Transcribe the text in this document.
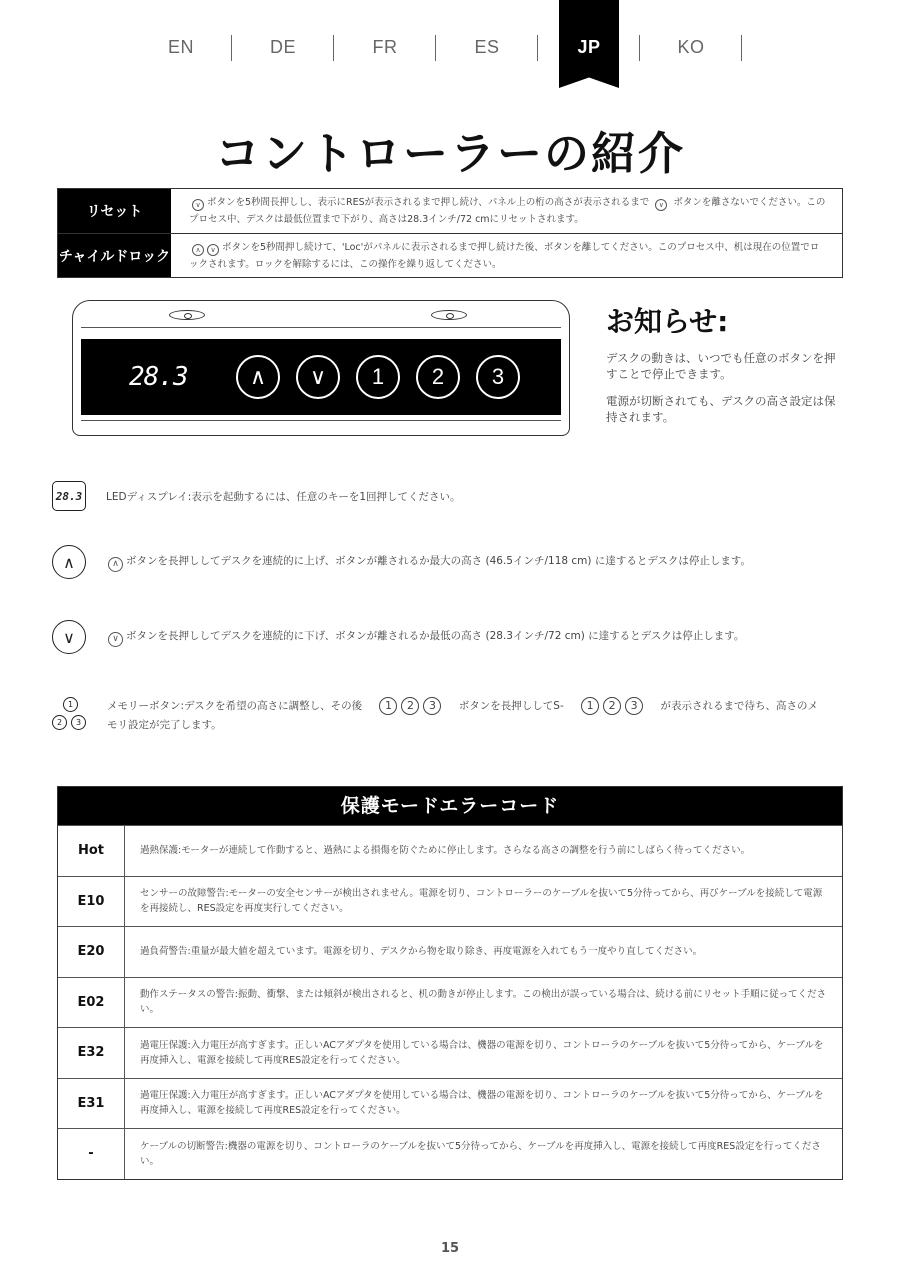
EN	DE	FR	ES	JP	KO
コントローラーの紹介
リセット	∨ ボタンを5秒間長押しし、表示にRESが表示されるまで押し続け、パネル上の桁の高さが表示されるまで ∨ ボタンを離さないでください。このプロセス中、デスクは最低位置まで下がり、高さは28.3インチ/72 cmにリセットされます。
チャイルドロック	∧ ∨ ボタンを5秒間押し続けて、'Loc'がパネルに表示されるまで押し続けた後、ボタンを離してください。このプロセス中、机は現在の位置でロックされます。ロックを解除するには、この操作を繰り返してください。
28.3	∧	∨	1	2	3
お知らせ:

デスクの動きは、いつでも任意のボタンを押すことで停止できます。

電源が切断されても、デスクの高さ設定は保持されます。

28.3	LEDディスプレイ:表示を起動するには、任意のキーを1回押してください。
∧	∧ ボタンを長押ししてデスクを連続的に上げ、ボタンが離されるか最大の高さ (46.5インチ/118 cm) に達するとデスクは停止します。
∨	∨ ボタンを長押ししてデスクを連続的に下げ、ボタンが離されるか最低の高さ (28.3インチ/72 cm) に達するとデスクは停止します。
1
2	3
メモリーボタン:デスクを希望の高さに調整し、その後 1 2 3 ボタンを長押ししてS- 1 2 3 が表示されるまで待ち、高さのメ
モリ設定が完了します。
保護モードエラーコード
Hot	過熱保護:モーターが連続して作動すると、過熱による損傷を防ぐために停止します。さらなる高さの調整を行う前にしばらく待ってください。
E10	センサーの故障警告:モーターの安全センサーが検出されません。電源を切り、コントローラーのケーブルを抜いて5分待ってから、再びケーブルを接続して電源を再接続し、RES設定を再度実行してください。
E20	過負荷警告:重量が最大値を超えています。電源を切り、デスクから物を取り除き、再度電源を入れてもう一度やり直してください。
E02	動作ステータスの警告:振動、衝撃、または傾斜が検出されると、机の動きが停止します。この検出が誤っている場合は、続ける前にリセット手順に従ってください。
E32	過電圧保護:入力電圧が高すぎます。正しいACアダプタを使用している場合は、機器の電源を切り、コントローラのケーブルを抜いて5分待ってから、ケーブルを再度挿入し、電源を接続して再度RES設定を行ってください。
E31	過電圧保護:入力電圧が高すぎます。正しいACアダプタを使用している場合は、機器の電源を切り、コントローラのケーブルを抜いて5分待ってから、ケーブルを再度挿入し、電源を接続して再度RES設定を行ってください。
-	ケーブルの切断警告:機器の電源を切り、コントローラのケーブルを抜いて5分待ってから、ケーブルを再度挿入し、電源を接続して再度RES設定を行ってください。
15
